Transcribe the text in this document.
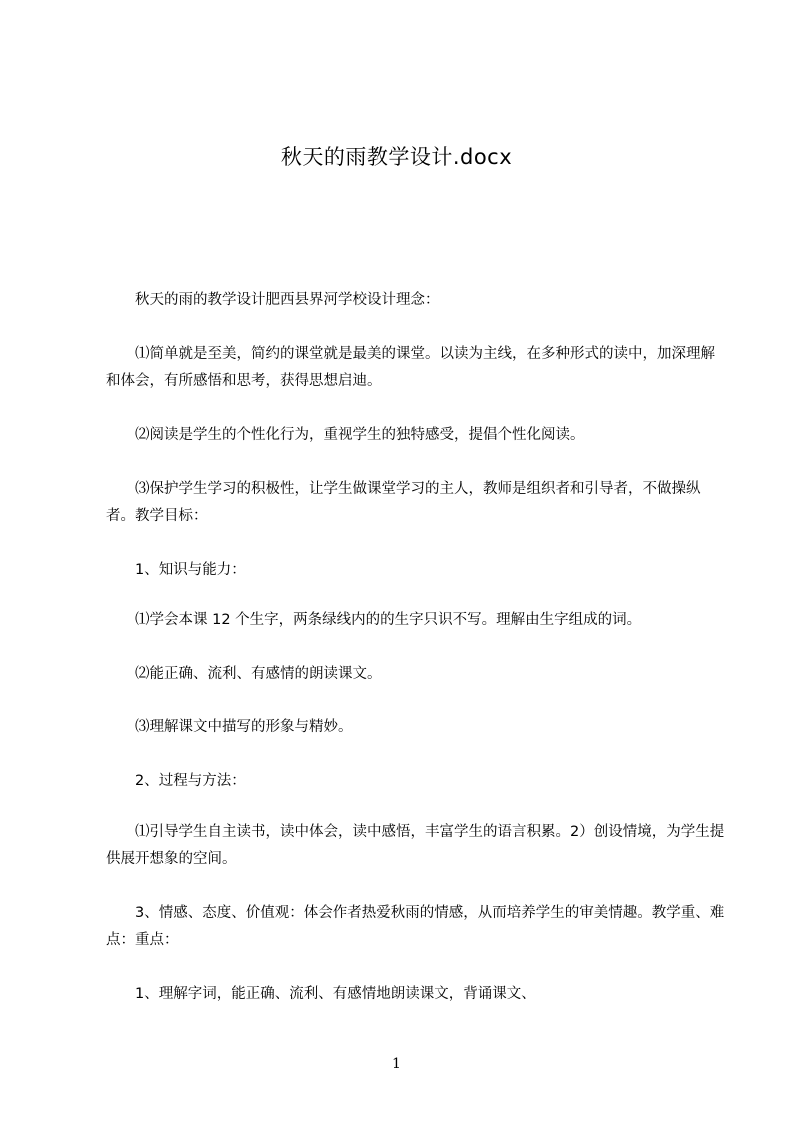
秋天的雨教学设计.docx
　　秋天的雨的教学设计肥西县界河学校设计理念：
　　⑴简单就是至美，简约的课堂就是最美的课堂。以读为主线，在多种形式的读中，加深理解和体会，有所感悟和思考，获得思想启迪。
　　⑵阅读是学生的个性化行为，重视学生的独特感受，提倡个性化阅读。
　　⑶保护学生学习的积极性，让学生做课堂学习的主人，教师是组织者和引导者，不做操纵者。教学目标：
　　1、知识与能力：
　　⑴学会本课 12 个生字，两条绿线内的的生字只识不写。理解由生字组成的词。
　　⑵能正确、流利、有感情的朗读课文。
　　⑶理解课文中描写的形象与精妙。
　　2、过程与方法：
　　⑴引导学生自主读书，读中体会，读中感悟，丰富学生的语言积累。2）创设情境，为学生提供展开想象的空间。
　　3、情感、态度、价值观：体会作者热爱秋雨的情感，从而培养学生的审美情趣。教学重、难点：重点：
　　1、理解字词，能正确、流利、有感情地朗读课文，背诵课文、
1
